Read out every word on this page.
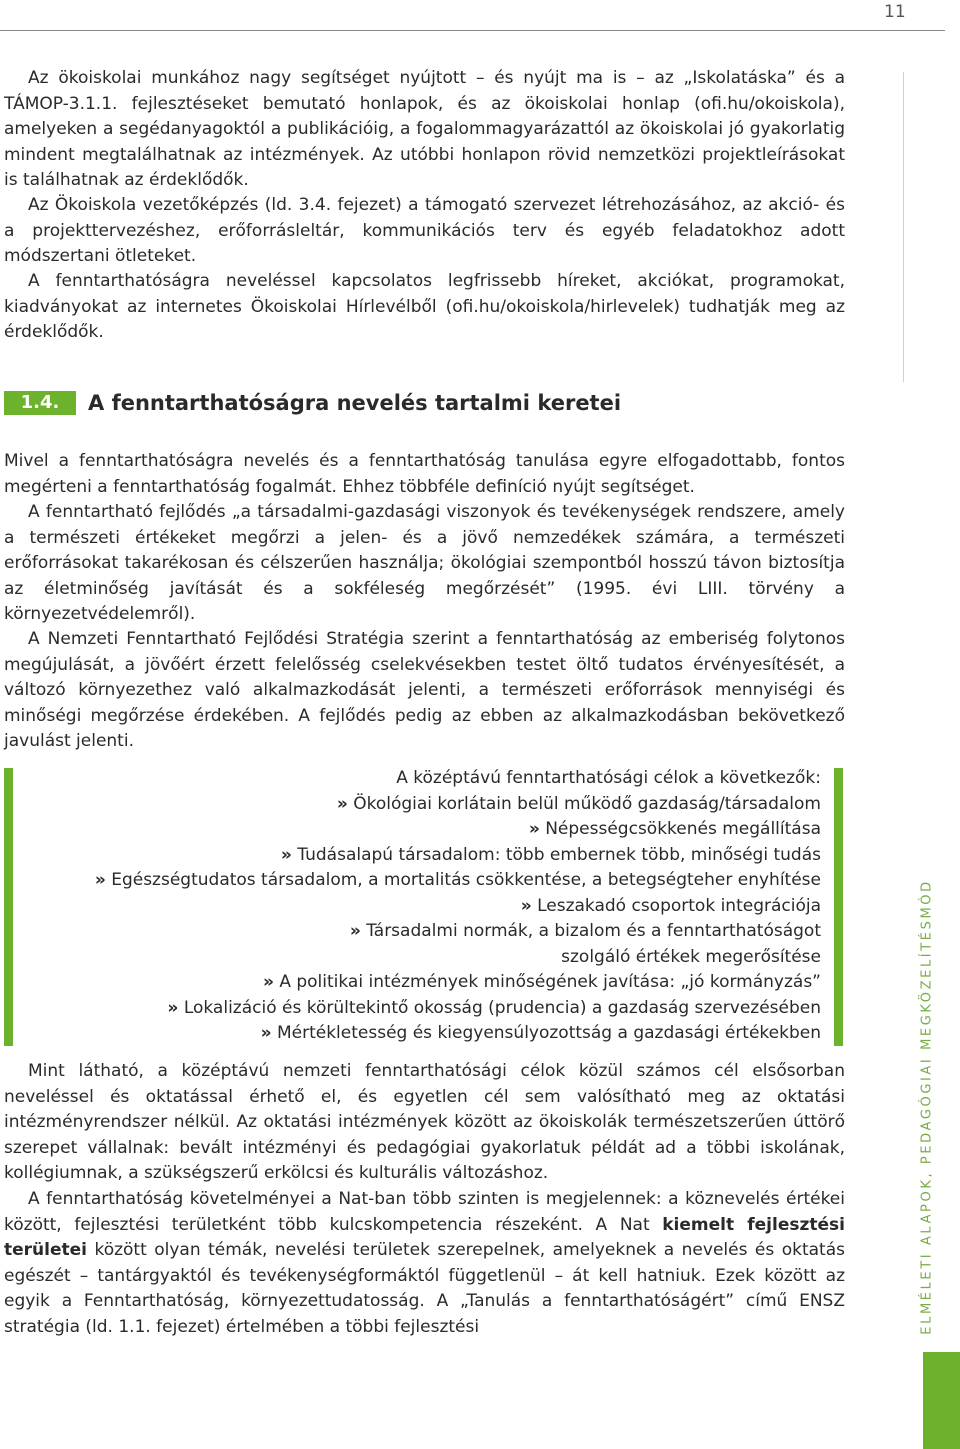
11

Az ökoiskolai munkához nagy segítséget nyújtott – és nyújt ma is – az „Iskolatáska” és a TÁMOP-3.1.1. fejlesztéseket bemutató honlapok, és az ökoiskolai honlap (ofi.hu/okoiskola), amelyeken a segédanyagoktól a publikációig, a fogalommagyarázattól az ökoiskolai jó gyakorlatig mindent megtalálhatnak az intézmények. Az utóbbi honlapon rövid nemzetközi projektleírásokat is találhatnak az érdeklődők.

Az Ökoiskola vezetőképzés (ld. 3.4. fejezet) a támogató szervezet létrehozásához, az akció- és a projekttervezéshez, erőforrásleltár, kommunikációs terv és egyéb feladatokhoz adott módszertani ötleteket.

A fenntarthatóságra neveléssel kapcsolatos legfrissebb híreket, akciókat, programokat, kiadványokat az internetes Ökoiskolai Hírlevélből (ofi.hu/okoiskola/hirlevelek) tudhatják meg az érdeklődők.

1.4.	A fenntarthatóságra nevelés tartalmi keretei

Mivel a fenntarthatóságra nevelés és a fenntarthatóság tanulása egyre elfogadottabb, fontos megérteni a fenntarthatóság fogalmát. Ehhez többféle definíció nyújt segítséget.

A fenntartható fejlődés „a társadalmi-gazdasági viszonyok és tevékenységek rendszere, amely a természeti értékeket megőrzi a jelen- és a jövő nemzedékek számára, a természeti erőforrásokat takarékosan és célszerűen használja; ökológiai szempontból hosszú távon biztosítja az életminőség javítását és a sokféleség megőrzését” (1995. évi LIII. törvény a környezetvédelemről).

A Nemzeti Fenntartható Fejlődési Stratégia szerint a fenntarthatóság az emberiség folytonos megújulását, a jövőért érzett felelősség cselekvésekben testet öltő tudatos érvényesítését, a változó környezethez való alkalmazkodását jelenti, a természeti erőforrások mennyiségi és minőségi megőrzése érdekében. A fejlődés pedig az ebben az alkalmazkodásban bekövetkező javulást jelenti.

A középtávú fenntarthatósági célok a következők:
» Ökológiai korlátain belül működő gazdaság/társadalom
» Népességcsökkenés megállítása
» Tudásalapú társadalom: több embernek több, minőségi tudás
» Egészségtudatos társadalom, a mortalitás csökkentése, a betegségteher enyhítése
» Leszakadó csoportok integrációja
» Társadalmi normák, a bizalom és a fenntarthatóságot
szolgáló értékek megerősítése
» A politikai intézmények minőségének javítása: „jó kormányzás”
» Lokalizáció és körültekintő okosság (prudencia) a gazdaság szervezésében
» Mértékletesség és kiegyensúlyozottság a gazdasági értékekben

Mint látható, a középtávú nemzeti fenntarthatósági célok közül számos cél elsősorban neveléssel és oktatással érhető el, és egyetlen cél sem valósítható meg az oktatási intézményrendszer nélkül. Az oktatási intézmények között az ökoiskolák természetszerűen úttörő szerepet vállalnak: bevált intézményi és pedagógiai gyakorlatuk példát ad a többi iskolának, kollégiumnak, a szükségszerű erkölcsi és kulturális változáshoz.

A fenntarthatóság követelményei a Nat-ban több szinten is megjelennek: a köznevelés értékei között, fejlesztési területként több kulcskompetencia részeként. A Nat kiemelt fejlesztési területei között olyan témák, nevelési területek szerepelnek, amelyeknek a nevelés és oktatás egészét – tantárgyaktól és tevékenységformáktól függetlenül – át kell hatniuk. Ezek között az egyik a Fenntarthatóság, környezettudatosság. A „Tanulás a fenntarthatóságért” című ENSZ stratégia (ld. 1.1. fejezet) értelmében a többi fejlesztési	ELMÉLETI ALAPOK, PEDAGÓGIAI MEGKÖZELÍTÉSMÓD
